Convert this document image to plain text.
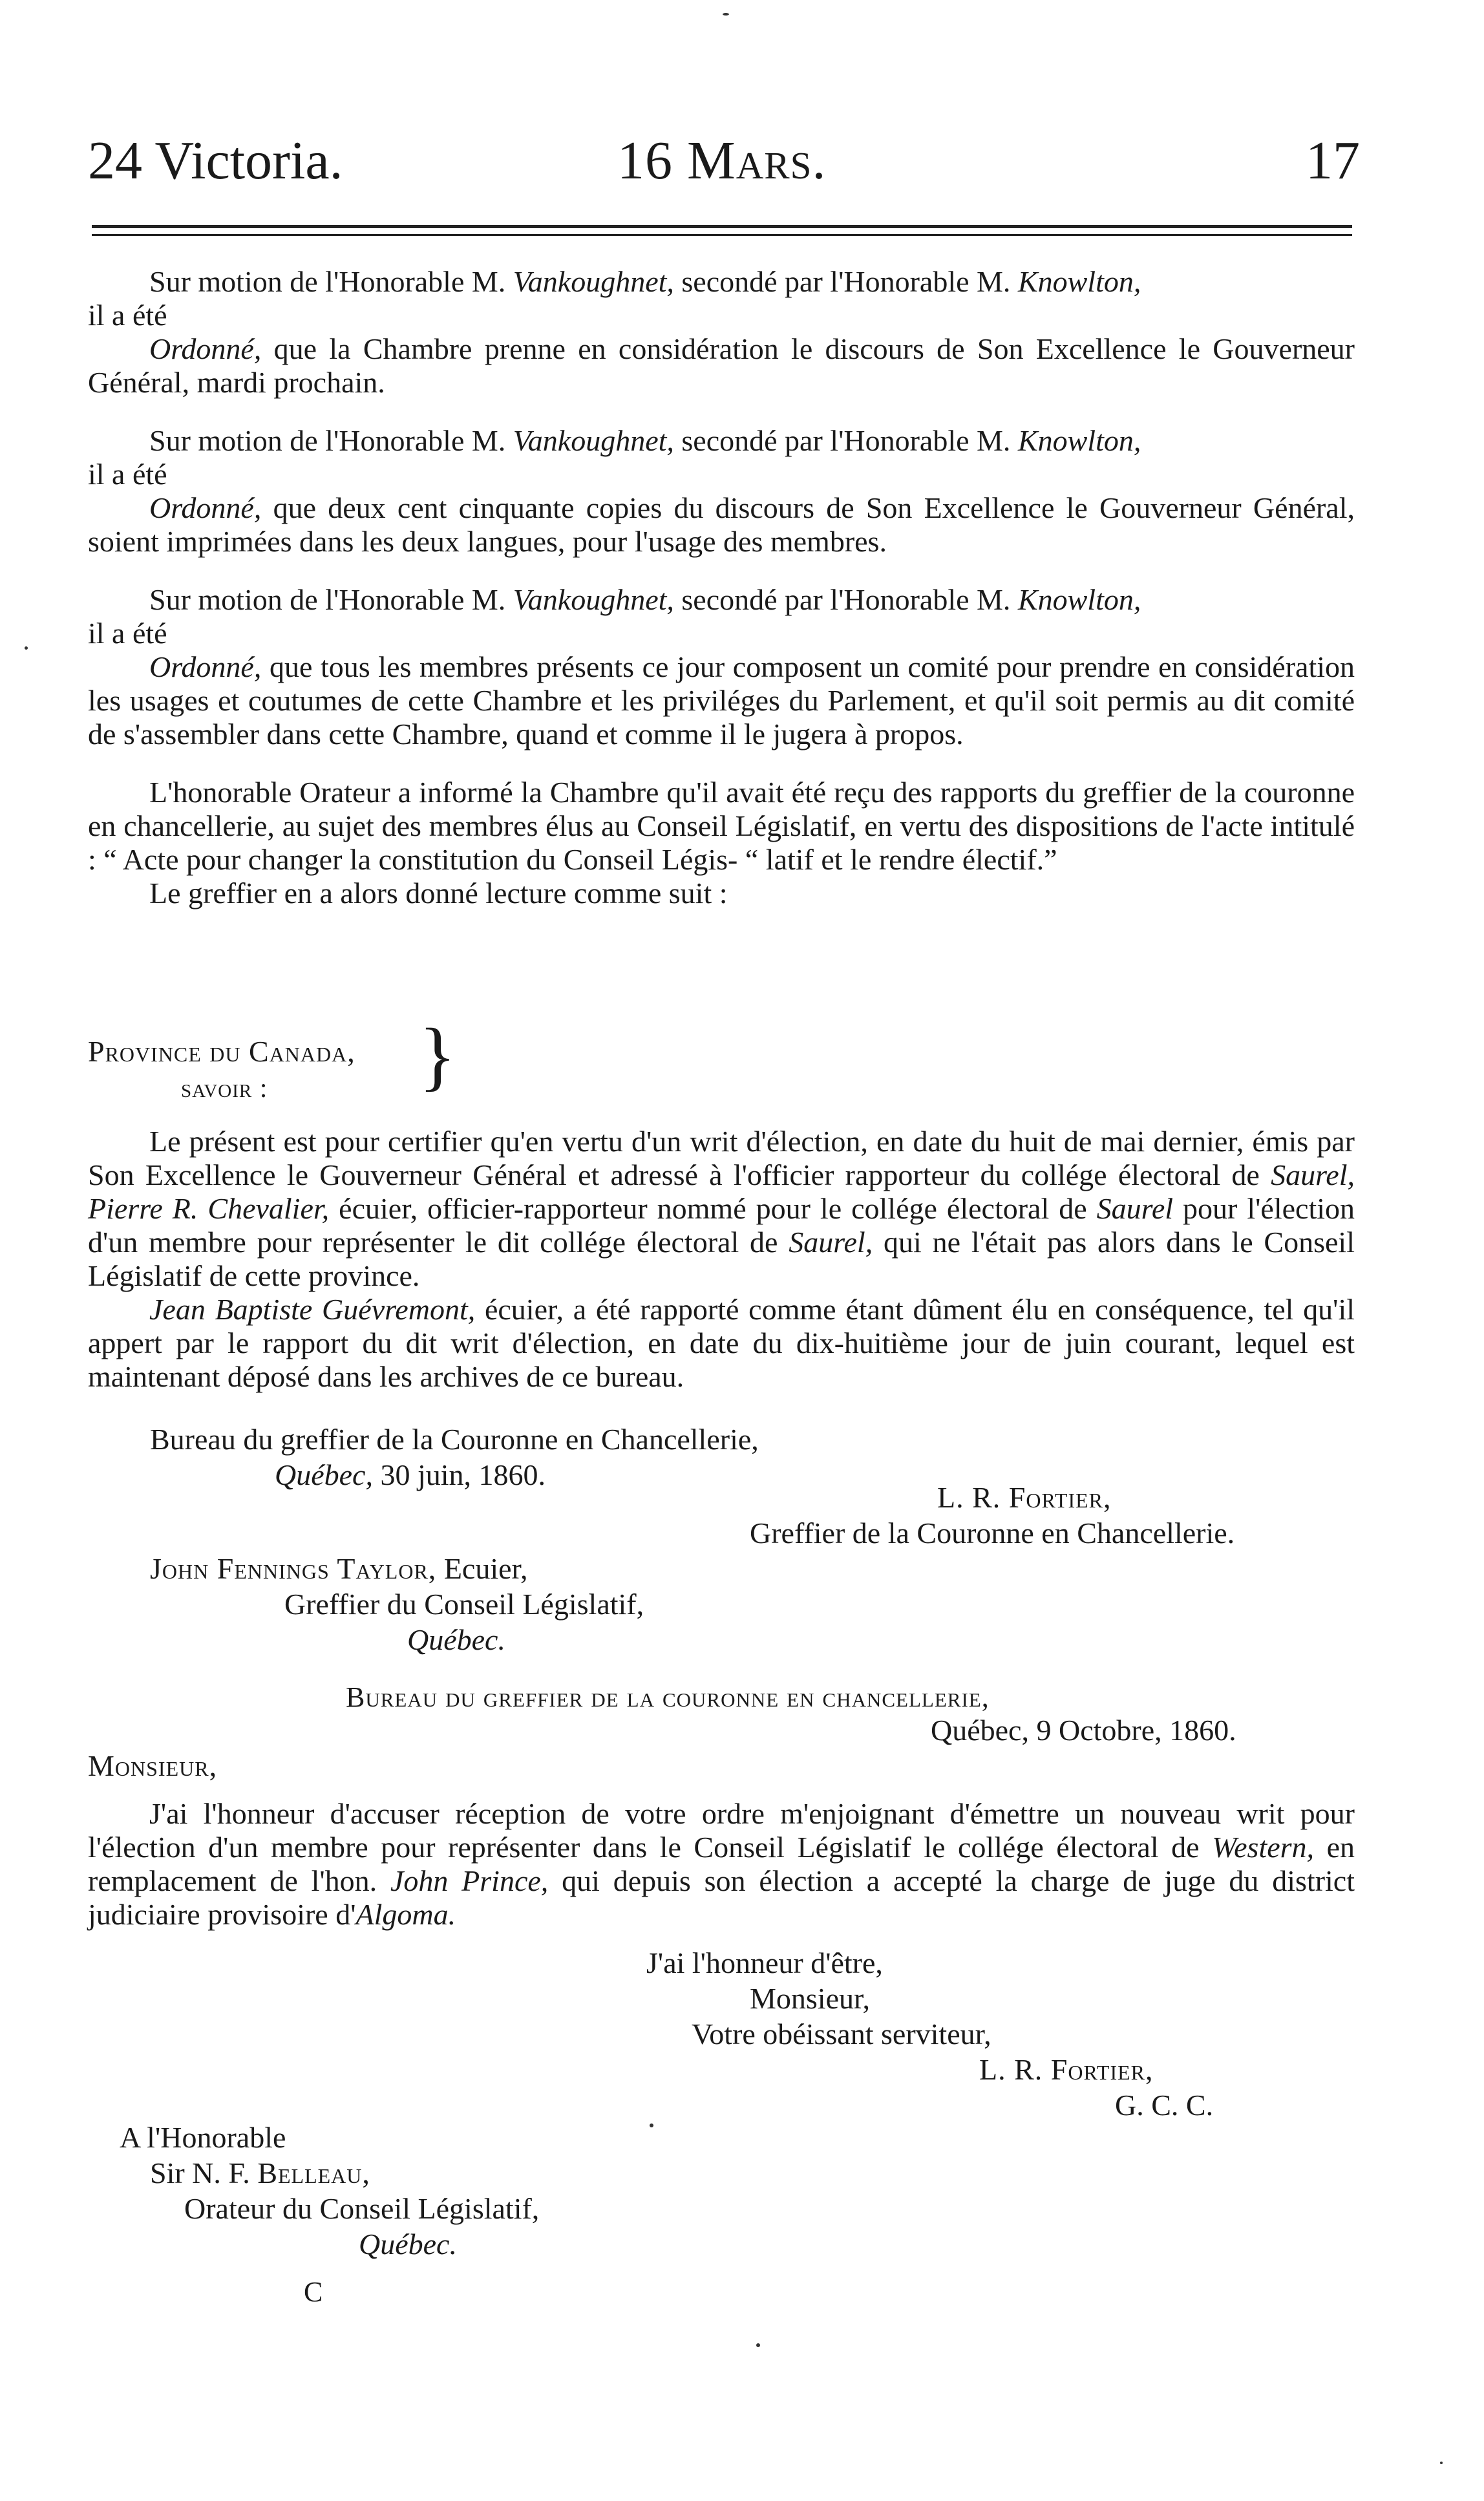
24 Victoria.	16 Mars.	17

Sur motion de l'Honorable M. Vankoughnet, secondé par l'Honorable M. Knowlton,

il a été

Ordonné, que la Chambre prenne en considération le discours de Son Excellence le Gouverneur Général, mardi prochain.

Sur motion de l'Honorable M. Vankoughnet, secondé par l'Honorable M. Knowlton,

il a été

Ordonné, que deux cent cinquante copies du discours de Son Excellence le Gouverneur Général, soient imprimées dans les deux langues, pour l'usage des membres.

Sur motion de l'Honorable M. Vankoughnet, secondé par l'Honorable M. Knowlton,

il a été

Ordonné, que tous les membres présents ce jour composent un comité pour prendre en considération les usages et coutumes de cette Chambre et les priviléges du Parlement, et qu'il soit permis au dit comité de s'assembler dans cette Chambre, quand et comme il le jugera à propos.

L'honorable Orateur a informé la Chambre qu'il avait été reçu des rapports du greffier de la couronne en chancellerie, au sujet des membres élus au Conseil Législatif, en vertu des dispositions de l'acte intitulé : “ Acte pour changer la constitution du Conseil Légis- “ latif et le rendre électif.”

Le greffier en a alors donné lecture comme suit :

Province du Canada,
savoir : }

Le présent est pour certifier qu'en vertu d'un writ d'élection, en date du huit de mai dernier, émis par Son Excellence le Gouverneur Général et adressé à l'officier rapporteur du collége électoral de Saurel, Pierre R. Chevalier, écuier, officier-rapporteur nommé pour le collége électoral de Saurel pour l'élection d'un membre pour représenter le dit collége électoral de Saurel, qui ne l'était pas alors dans le Conseil Législatif de cette province.

Jean Baptiste Guévremont, écuier, a été rapporté comme étant dûment élu en conséquence, tel qu'il appert par le rapport du dit writ d'élection, en date du dix-huitième jour de juin courant, lequel est maintenant déposé dans les archives de ce bureau.

Bureau du greffier de la Couronne en Chancellerie,
Québec, 30 juin, 1860.
L. R. Fortier,
Greffier de la Couronne en Chancellerie.
John Fennings Taylor, Ecuier,
Greffier du Conseil Législatif,
Québec.
Bureau du greffier de la couronne en chancellerie,
Québec, 9 Octobre, 1860.
Monsieur,

J'ai l'honneur d'accuser réception de votre ordre m'enjoignant d'émettre un nouveau writ pour l'élection d'un membre pour représenter dans le Conseil Législatif le collége électoral de Western, en remplacement de l'hon. John Prince, qui depuis son élection a accepté la charge de juge du district judiciaire provisoire d'Algoma.

J'ai l'honneur d'être,
Monsieur,
Votre obéissant serviteur,
L. R. Fortier,
G. C. C.
A l'Honorable
Sir N. F. Belleau,
Orateur du Conseil Législatif,
Québec.
C
